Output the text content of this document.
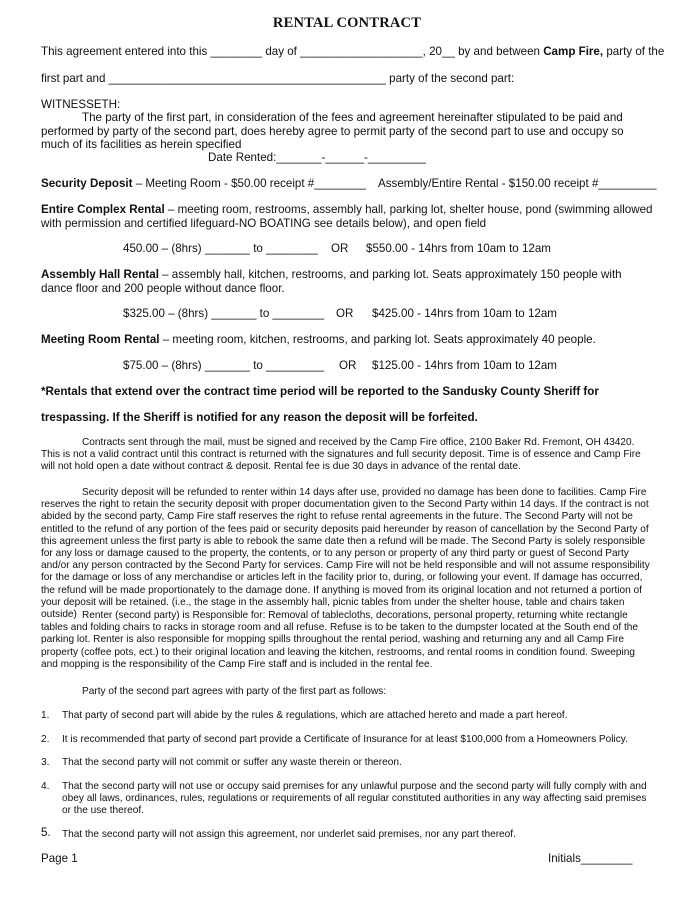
RENTAL CONTRACT
This agreement entered into this ________ day of ___________________, 20__ by and between Camp Fire, party of the
first part and ___________________________________________ party of the second part:
WITNESSETH:
The party of the first part, in consideration of the fees and agreement hereinafter stipulated to be paid and performed by party of the second part, does hereby agree to permit party of the second part to use and occupy so much of its facilities as herein specified
Date Rented:_______-______-_________
Security Deposit – Meeting Room - $50.00 receipt #________ Assembly/Entire Rental - $150.00 receipt #_________
Entire Complex Rental – meeting room, restrooms, assembly hall, parking lot, shelter house, pond (swimming allowed with permission and certified lifeguard-NO BOATING see details below), and open field
450.00 – (8hrs) _______ to ________ OR $550.00 - 14hrs from 10am to 12am
Assembly Hall Rental – assembly hall, kitchen, restrooms, and parking lot. Seats approximately 150 people with dance floor and 200 people without dance floor.
$325.00 – (8hrs) _______ to ________ OR $425.00 - 14hrs from 10am to 12am
Meeting Room Rental – meeting room, kitchen, restrooms, and parking lot. Seats approximately 40 people.
$75.00 – (8hrs) _______ to _________ OR $125.00 - 14hrs from 10am to 12am
*Rentals that extend over the contract time period will be reported to the Sandusky County Sheriff for
trespassing. If the Sheriff is notified for any reason the deposit will be forfeited.
Contracts sent through the mail, must be signed and received by the Camp Fire office, 2100 Baker Rd. Fremont, OH 43420. This is not a valid contract until this contract is returned with the signatures and full security deposit. Time is of essence and Camp Fire will not hold open a date without contract & deposit. Rental fee is due 30 days in advance of the rental date.
Security deposit will be refunded to renter within 14 days after use, provided no damage has been done to facilities. Camp Fire reserves the right to retain the security deposit with proper documentation given to the Second Party within 14 days. If the contract is not abided by the second party, Camp Fire staff reserves the right to refuse rental agreements in the future. The Second Party will not be entitled to the refund of any portion of the fees paid or security deposits paid hereunder by reason of cancellation by the Second Party of this agreement unless the first party is able to rebook the same date then a refund will be made. The Second Party is solely responsible for any loss or damage caused to the property, the contents, or to any person or property of any third party or guest of Second Party and/or any person contracted by the Second Party for services. Camp Fire will not be held responsible and will not assume responsibility for the damage or loss of any merchandise or articles left in the facility prior to, during, or following your event. If damage has occurred, the refund will be made proportionately to the damage done. If anything is moved from its original location and not returned a portion of your deposit will be retained. (i.e., the stage in the assembly hall, picnic tables from under the shelter house, table and chairs taken outside) Renter (second party) is Responsible for: Removal of tablecloths, decorations, personal property, returning white rectangle tables and folding chairs to racks in storage room and all refuse. Refuse is to be taken to the dumpster located at the South end of the parking lot. Renter is also responsible for mopping spills throughout the rental period, washing and returning any and all Camp Fire property (coffee pots, ect.) to their original location and leaving the kitchen, restrooms, and rental rooms in condition found. Sweeping and mopping is the responsibility of the Camp Fire staff and is included in the rental fee.
Party of the second part agrees with party of the first part as follows:
1. That party of second part will abide by the rules & regulations, which are attached hereto and made a part hereof.
2. It is recommended that party of second part provide a Certificate of Insurance for at least $100,000 from a Homeowners Policy.
3. That the second party will not commit or suffer any waste therein or thereon.
4. That the second party will not use or occupy said premises for any unlawful purpose and the second party will fully comply with and obey all laws, ordinances, rules, regulations or requirements of all regular constituted authorities in any way affecting said premises or the use thereof.
5. That the second party will not assign this agreement, nor underlet said premises, nor any part thereof.
Page 1	Initials________
